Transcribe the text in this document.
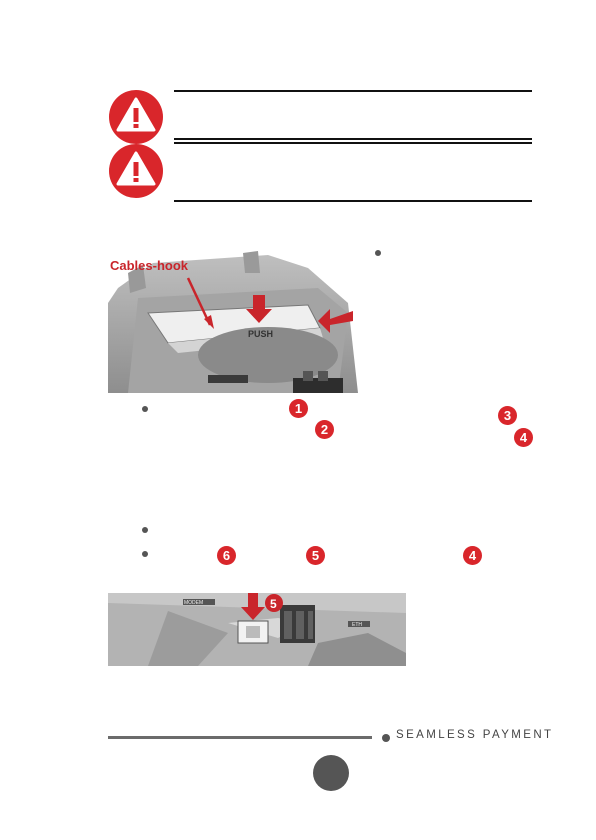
Cables-hook
PUSH
1	3
2
4
6	5	4
MODEM
ETH
5
SEAMLESS PAYMENT
